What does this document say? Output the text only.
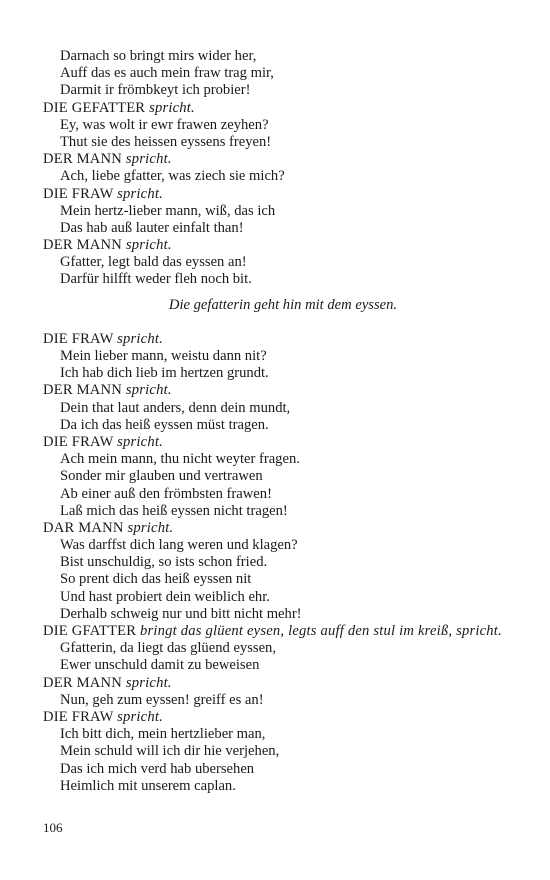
Darnach so bringt mirs wider her,
Auff das es auch mein fraw trag mir,
Darmit ir frömbkeyt ich probier!
DIE GEFATTER spricht.
Ey, was wolt ir ewr frawen zeyhen?
Thut sie des heissen eyssens freyen!
DER MANN spricht.
Ach, liebe gfatter, was ziech sie mich?
DIE FRAW spricht.
Mein hertz-lieber mann, wiß, das ich
Das hab auß lauter einfalt than!
DER MANN spricht.
Gfatter, legt bald das eyssen an!
Darfür hilfft weder fleh noch bit.
Die gefatterin geht hin mit dem eyssen.
DIE FRAW spricht.
Mein lieber mann, weistu dann nit?
Ich hab dich lieb im hertzen grundt.
DER MANN spricht.
Dein that laut anders, denn dein mundt,
Da ich das heiß eyssen müst tragen.
DIE FRAW spricht.
Ach mein mann, thu nicht weyter fragen.
Sonder mir glauben und vertrawen
Ab einer auß den frömbsten frawen!
Laß mich das heiß eyssen nicht tragen!
DAR MANN spricht.
Was darffst dich lang weren und klagen?
Bist unschuldig, so ists schon fried.
So prent dich das heiß eyssen nit
Und hast probiert dein weiblich ehr.
Derhalb schweig nur und bitt nicht mehr!
DIE GFATTER bringt das glüent eysen, legts auff den stul im kreiß, spricht.
Gfatterin, da liegt das glüend eyssen,
Ewer unschuld damit zu beweisen
DER MANN spricht.
Nun, geh zum eyssen! greiff es an!
DIE FRAW spricht.
Ich bitt dich, mein hertzlieber man,
Mein schuld will ich dir hie verjehen,
Das ich mich verd hab ubersehen
Heimlich mit unserem caplan.
106
